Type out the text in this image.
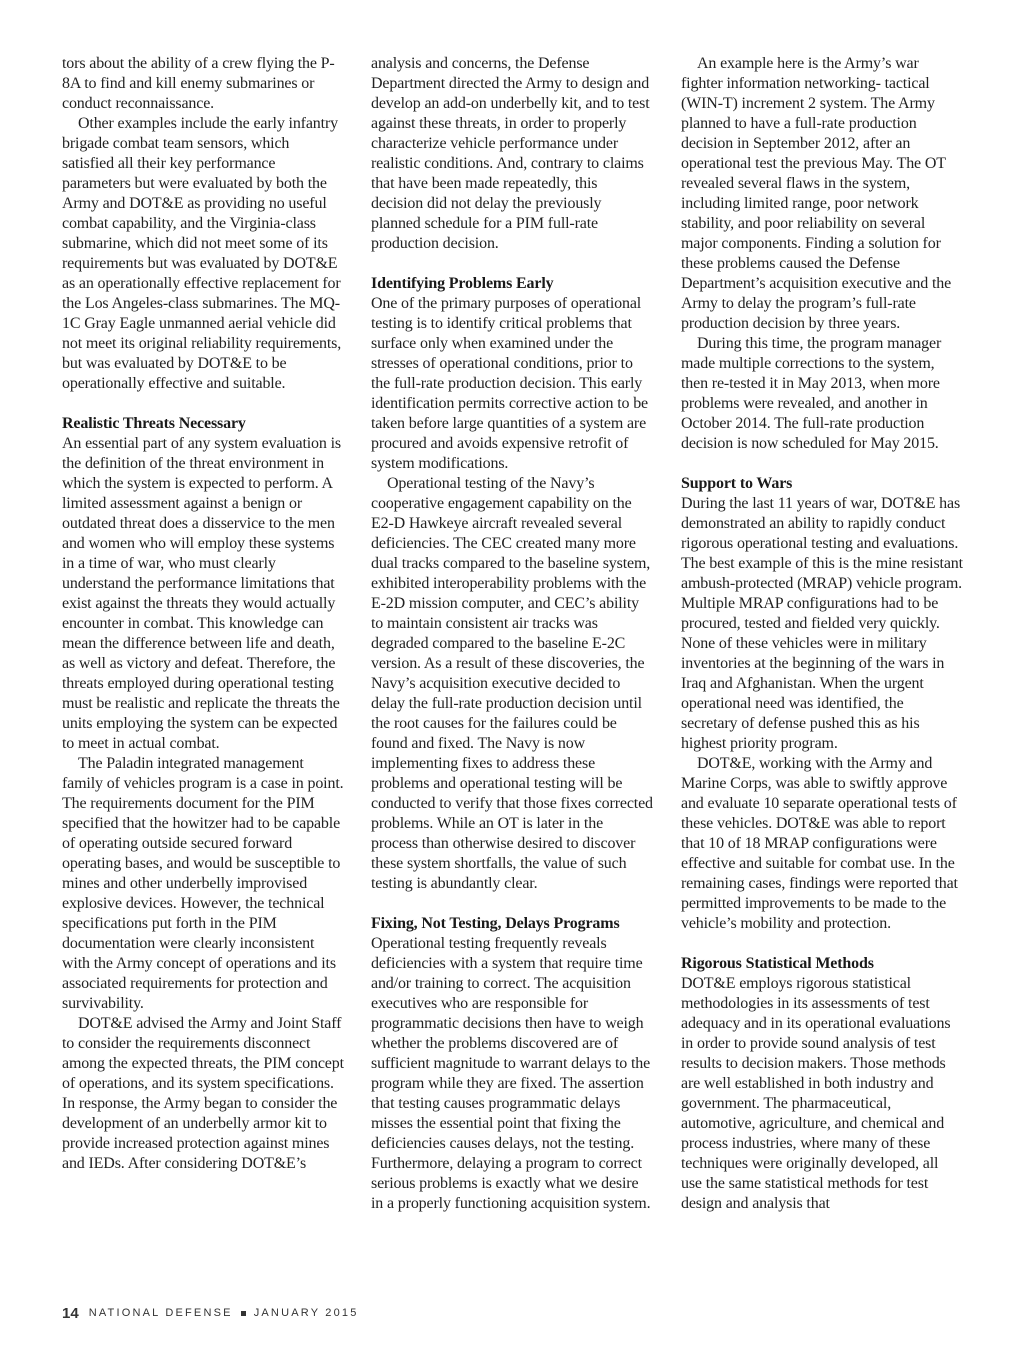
tors about the ability of a crew flying the P-8A to find and kill enemy submarines or conduct reconnaissance.

Other examples include the early infantry brigade combat team sensors, which satisfied all their key performance parameters but were evaluated by both the Army and DOT&E as providing no useful combat capability, and the Virginia-class submarine, which did not meet some of its requirements but was evaluated by DOT&E as an operationally effective replacement for the Los Angeles-class submarines. The MQ-1C Gray Eagle unmanned aerial vehicle did not meet its original reliability requirements, but was evaluated by DOT&E to be operationally effective and suitable.

Realistic Threats Necessary

An essential part of any system evaluation is the definition of the threat environment in which the system is expected to perform. A limited assessment against a benign or outdated threat does a disservice to the men and women who will employ these systems in a time of war, who must clearly understand the performance limitations that exist against the threats they would actually encounter in combat. This knowledge can mean the difference between life and death, as well as victory and defeat. Therefore, the threats employed during operational testing must be realistic and replicate the threats the units employing the system can be expected to meet in actual combat.

The Paladin integrated management family of vehicles program is a case in point. The requirements document for the PIM specified that the howitzer had to be capable of operating outside secured forward operating bases, and would be susceptible to mines and other underbelly improvised explosive devices. However, the technical specifications put forth in the PIM documentation were clearly inconsistent with the Army concept of operations and its associated requirements for protection and survivability.

DOT&E advised the Army and Joint Staff to consider the requirements disconnect among the expected threats, the PIM concept of operations, and its system specifications. In response, the Army began to consider the development of an underbelly armor kit to provide increased protection against mines and IEDs. After considering DOT&E’s

analysis and concerns, the Defense Department directed the Army to design and develop an add-on underbelly kit, and to test against these threats, in order to properly characterize vehicle performance under realistic conditions. And, contrary to claims that have been made repeatedly, this decision did not delay the previously planned schedule for a PIM full-rate production decision.

Identifying Problems Early

One of the primary purposes of operational testing is to identify critical problems that surface only when examined under the stresses of operational conditions, prior to the full-rate production decision. This early identification permits corrective action to be taken before large quantities of a system are procured and avoids expensive retrofit of system modifications.

Operational testing of the Navy’s cooperative engagement capability on the E2-D Hawkeye aircraft revealed several deficiencies. The CEC created many more dual tracks compared to the baseline system, exhibited interoperability problems with the E-2D mission computer, and CEC’s ability to maintain consistent air tracks was degraded compared to the baseline E-2C version. As a result of these discoveries, the Navy’s acquisition executive decided to delay the full-rate production decision until the root causes for the failures could be found and fixed. The Navy is now implementing fixes to address these problems and operational testing will be conducted to verify that those fixes corrected problems. While an OT is later in the process than otherwise desired to discover these system shortfalls, the value of such testing is abundantly clear.

Fixing, Not Testing, Delays Programs

Operational testing frequently reveals deficiencies with a system that require time and/or training to correct. The acquisition executives who are responsible for programmatic decisions then have to weigh whether the problems discovered are of sufficient magnitude to warrant delays to the program while they are fixed. The assertion that testing causes programmatic delays misses the essential point that fixing the deficiencies causes delays, not the testing. Furthermore, delaying a program to correct serious problems is exactly what we desire in a properly functioning acquisition system.

An example here is the Army’s war fighter information networking- tactical (WIN-T) increment 2 system. The Army planned to have a full-rate production decision in September 2012, after an operational test the previous May. The OT revealed several flaws in the system, including limited range, poor network stability, and poor reliability on several major components. Finding a solution for these problems caused the Defense Department’s acquisition executive and the Army to delay the program’s full-rate production decision by three years.

During this time, the program manager made multiple corrections to the system, then re-tested it in May 2013, when more problems were revealed, and another in October 2014. The full-rate production decision is now scheduled for May 2015.

Support to Wars

During the last 11 years of war, DOT&E has demonstrated an ability to rapidly conduct rigorous operational testing and evaluations. The best example of this is the mine resistant ambush-protected (MRAP) vehicle program. Multiple MRAP configurations had to be procured, tested and fielded very quickly. None of these vehicles were in military inventories at the beginning of the wars in Iraq and Afghanistan. When the urgent operational need was identified, the secretary of defense pushed this as his highest priority program.

DOT&E, working with the Army and Marine Corps, was able to swiftly approve and evaluate 10 separate operational tests of these vehicles. DOT&E was able to report that 10 of 18 MRAP configurations were effective and suitable for combat use. In the remaining cases, findings were reported that permitted improvements to be made to the vehicle’s mobility and protection.

Rigorous Statistical Methods

DOT&E employs rigorous statistical methodologies in its assessments of test adequacy and in its operational evaluations in order to provide sound analysis of test results to decision makers. Those methods are well established in both industry and government. The pharmaceutical, automotive, agriculture, and chemical and process industries, where many of these techniques were originally developed, all use the same statistical methods for test design and analysis that

14 NATIONAL DEFENSE JANUARY 2015
